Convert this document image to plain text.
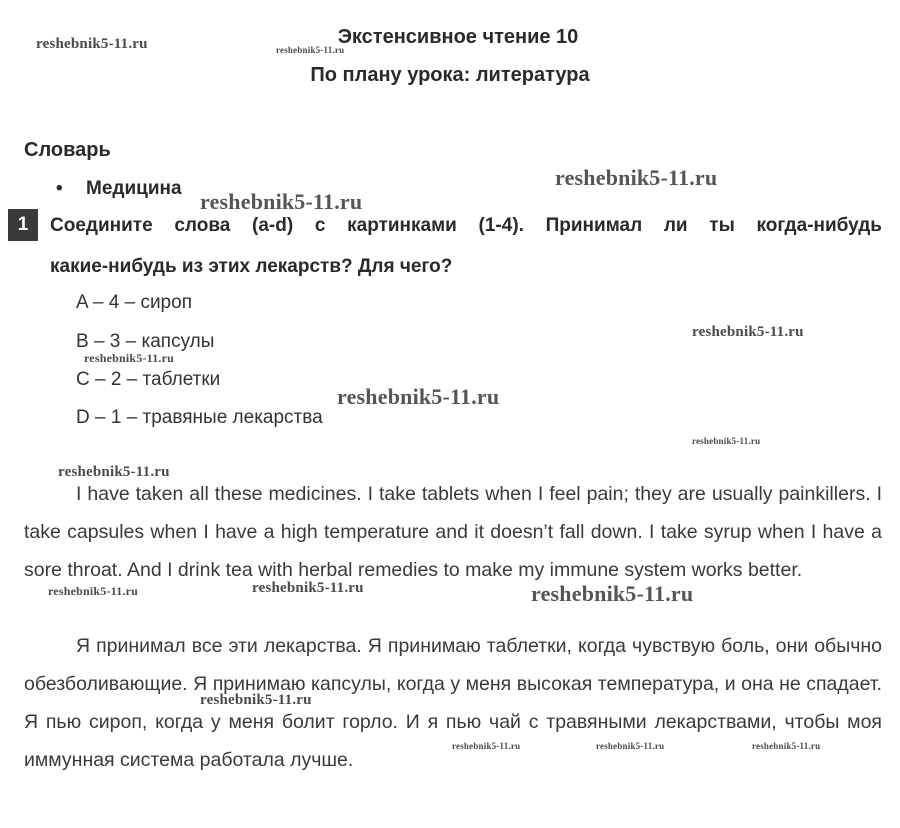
Экстенсивное чтение 10
По плану урока: литература
Словарь
• Медицина
1	Соедините слова (a-d) с картинками (1-4). Принимал ли ты когда-нибудь
какие-нибудь из этих лекарств? Для чего?
A – 4 – сироп
B – 3 – капсулы
C – 2 – таблетки
D – 1 – травяные лекарства
I have taken all these medicines. I take tablets when I feel pain; they are usually painkillers. I take capsules when I have a high temperature and it doesn’t fall down. I take syrup when I have a sore throat. And I drink tea with herbal remedies to make my immune system works better.
Я принимал все эти лекарства. Я принимаю таблетки, когда чувствую боль, они обычно обезболивающие. Я принимаю капсулы, когда у меня высокая температура, и она не спадает. Я пью сироп, когда у меня болит горло. И я пью чай с травяными лекарствами, чтобы моя иммунная система работала лучше.
reshebnik5-11.ru	reshebnik5-11.ru
reshebnik5-11.ru
reshebnik5-11.ru
reshebnik5-11.ru
reshebnik5-11.ru
reshebnik5-11.ru
reshebnik5-11.ru
reshebnik5-11.ru
reshebnik5-11.ru	reshebnik5-11.ru	reshebnik5-11.ru
reshebnik5-11.ru
reshebnik5-11.ru	reshebnik5-11.ru	reshebnik5-11.ru
